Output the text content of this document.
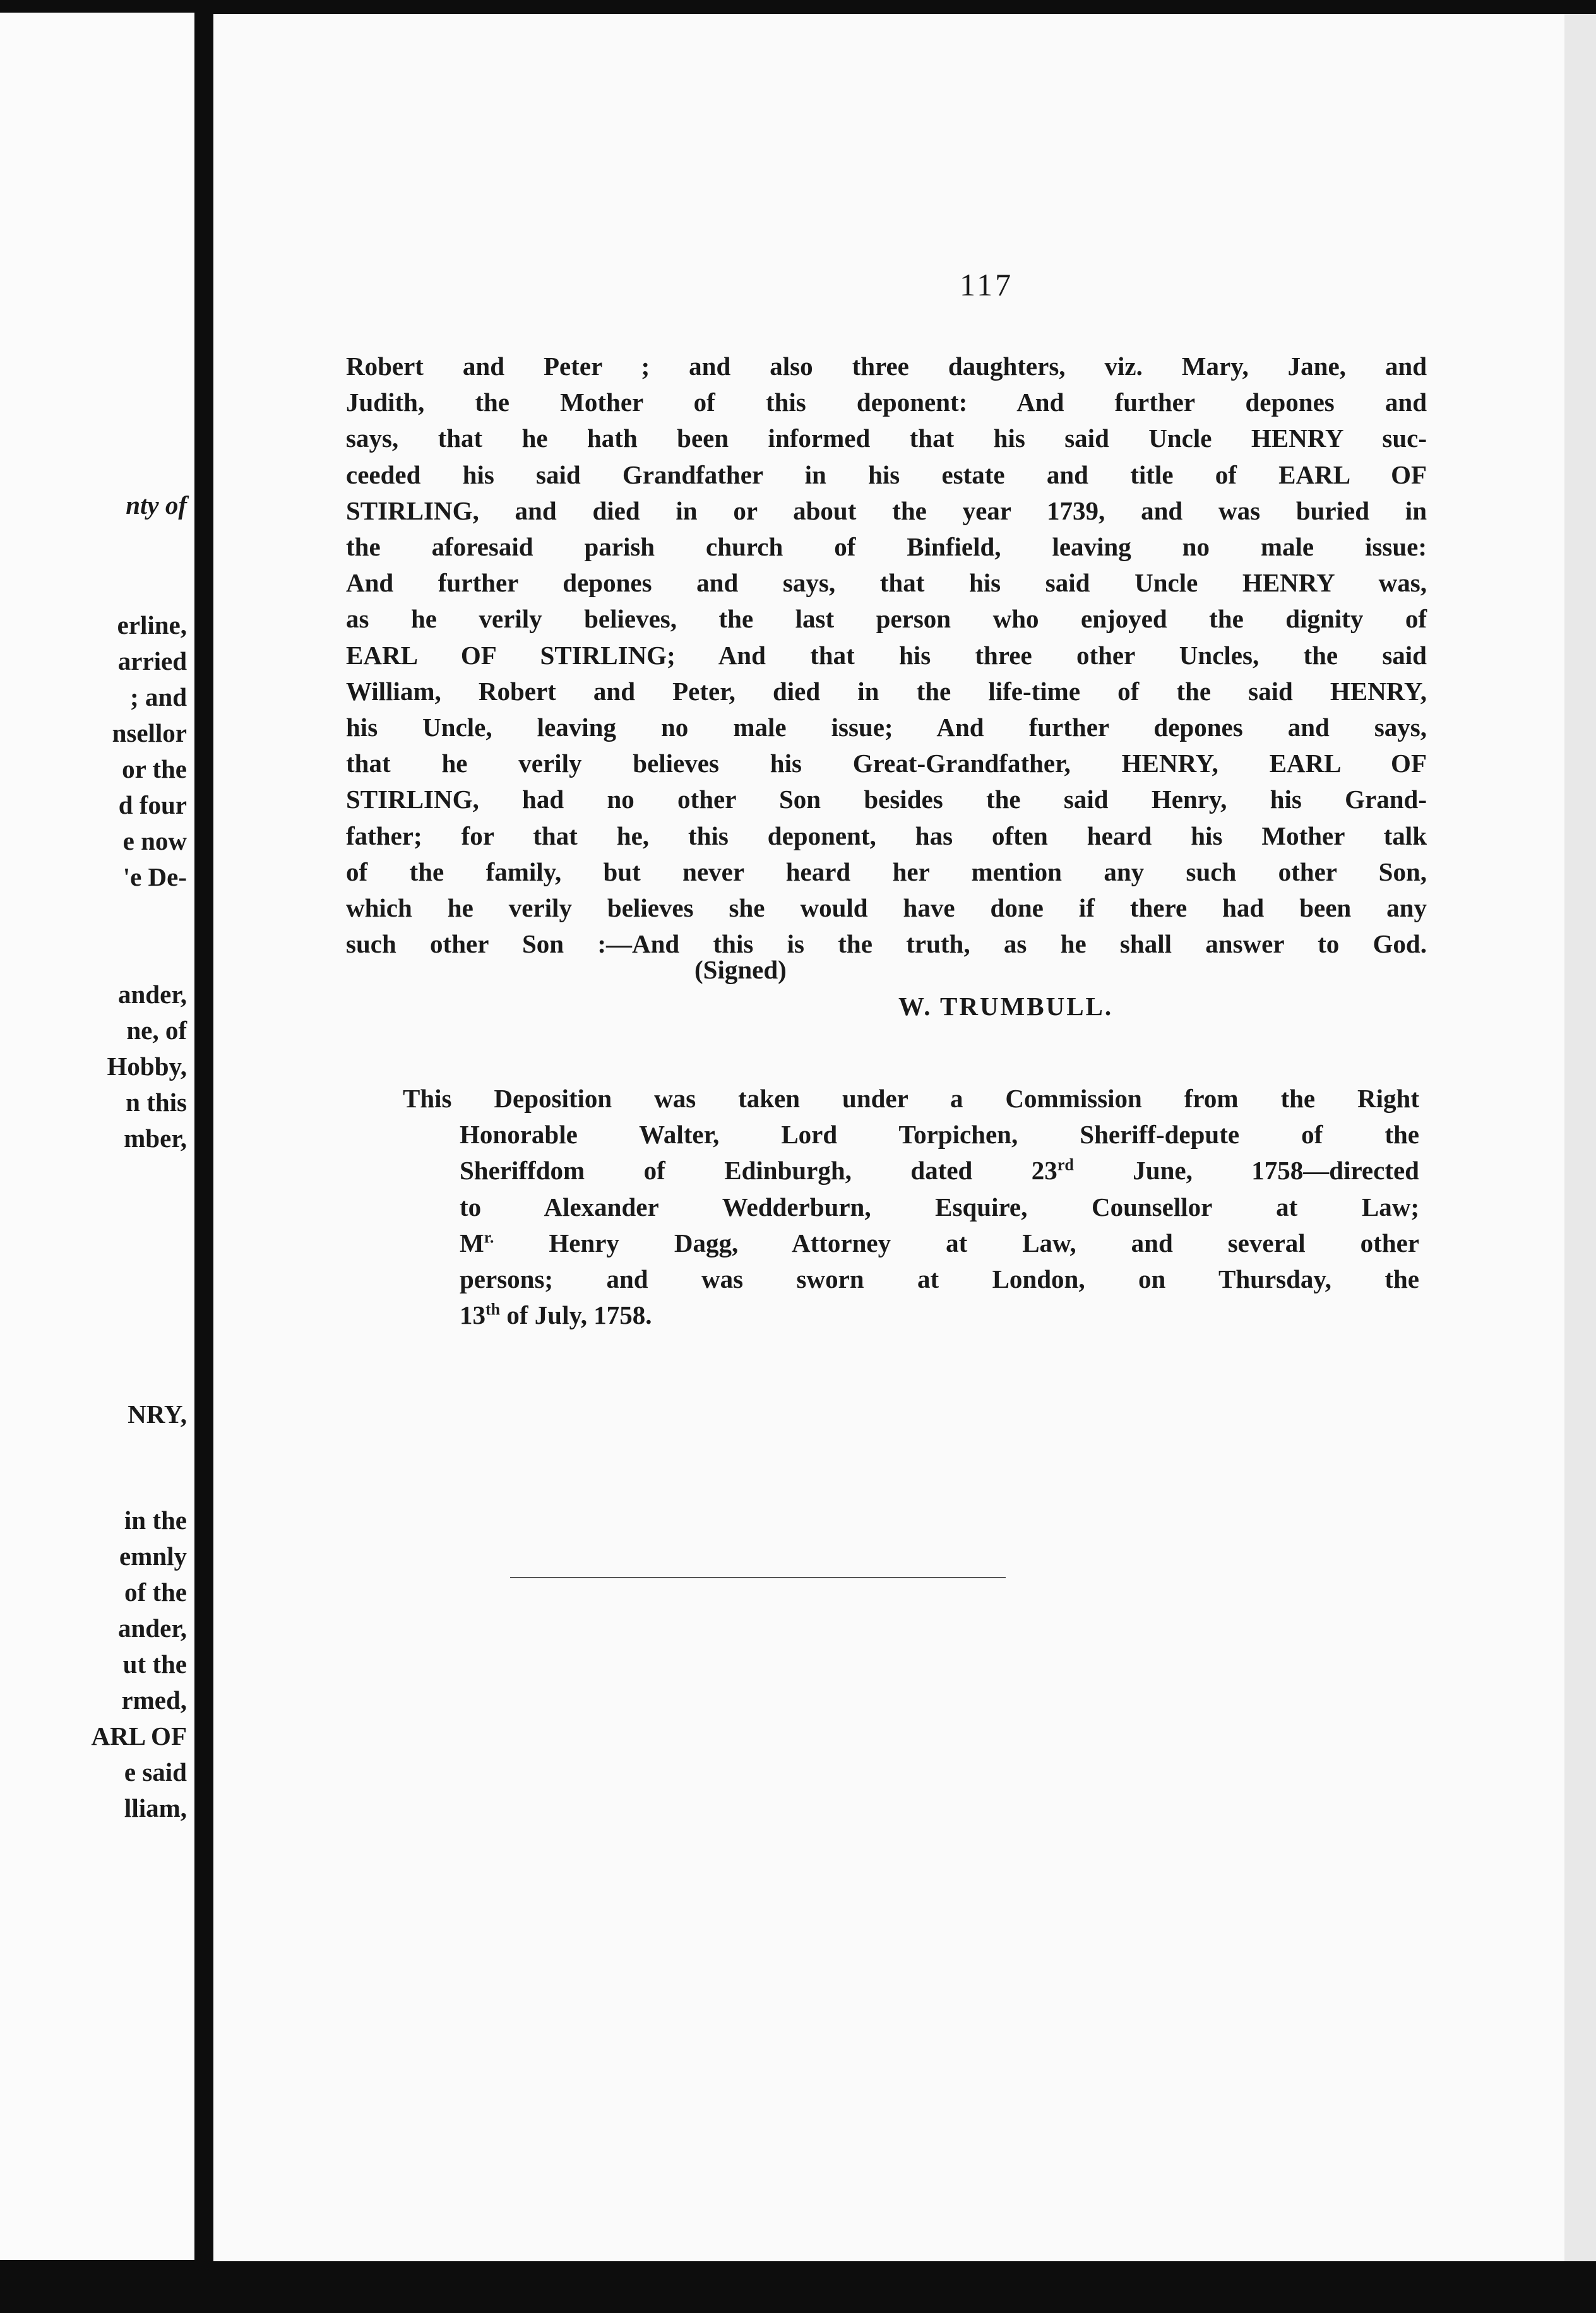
nty of
erline,
arried
; and
nsellor
or the
d four
e now
'e De-
ander,
ne, of
Hobby,
n this
mber,
NRY,
in the
emnly
of the
ander,
ut the
rmed,
ARL OF
e said
lliam,
117
Robert and Peter ; and also three daughters, viz. Mary, Jane, and
Judith, the Mother of this deponent: And further depones and
says, that he hath been informed that his said Uncle HENRY suc-
ceeded his said Grandfather in his estate and title of EARL OF
STIRLING, and died in or about the year 1739, and was buried in
the aforesaid parish church of Binfield, leaving no male issue:
And further depones and says, that his said Uncle HENRY was,
as he verily believes, the last person who enjoyed the dignity of
EARL OF STIRLING; And that his three other Uncles, the said
William, Robert and Peter, died in the life-time of the said HENRY,
his Uncle, leaving no male issue; And further depones and says,
that he verily believes his Great-Grandfather, HENRY, EARL OF
STIRLING, had no other Son besides the said Henry, his Grand-
father; for that he, this deponent, has often heard his Mother talk
of the family, but never heard her mention any such other Son,
which he verily believes she would have done if there had been any
such other Son :—And this is the truth, as he shall answer to God.
(Signed)
W. TRUMBULL.
This Deposition was taken under a Commission from the Right
Honorable Walter, Lord Torpichen, Sheriff-depute of the
Sheriffdom of Edinburgh, dated 23rd June, 1758—directed
to Alexander Wedderburn, Esquire, Counsellor at Law;
$M^{r.}$ Henry Dagg, Attorney at Law, and several other
persons; and was sworn at London, on Thursday, the
13th of July, 1758.
